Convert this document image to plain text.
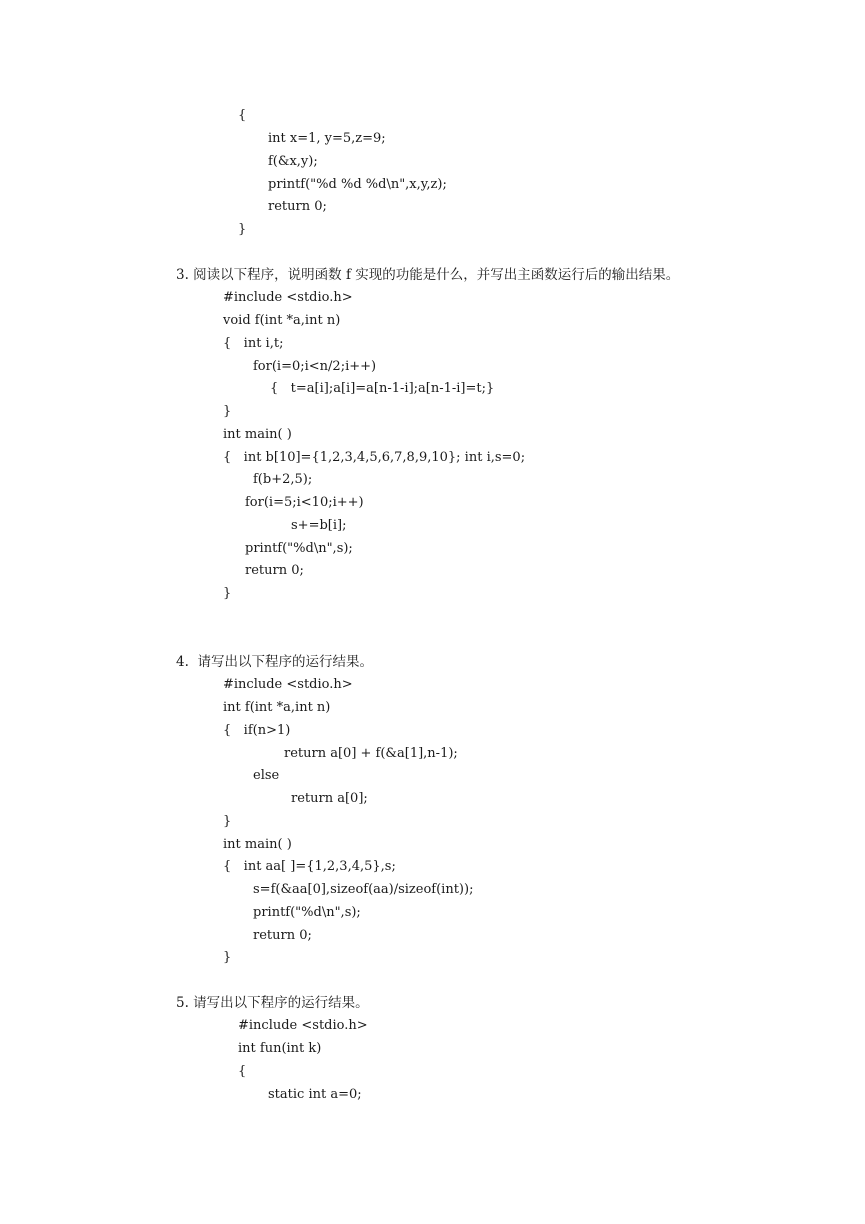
{
int x=1, y=5,z=9;
f(&x,y);
printf("%d %d %d\n",x,y,z);
return 0;
}
3. 阅读以下程序，说明函数 f 实现的功能是什么，并写出主函数运行后的输出结果。
#include <stdio.h>
void f(int *a,int n)
{   int i,t;
for(i=0;i<n/2;i++)
{   t=a[i];a[i]=a[n-1-i];a[n-1-i]=t;}
}
int main( )
{   int b[10]={1,2,3,4,5,6,7,8,9,10}; int i,s=0;
f(b+2,5);
for(i=5;i<10;i++)
s+=b[i];
printf("%d\n",s);
return 0;
}
4.  请写出以下程序的运行结果。
#include <stdio.h>
int f(int *a,int n)
{   if(n>1)
return a[0] + f(&a[1],n-1);
else
return a[0];
}
int main( )
{   int aa[ ]={1,2,3,4,5},s;
s=f(&aa[0],sizeof(aa)/sizeof(int));
printf("%d\n",s);
return 0;
}
5. 请写出以下程序的运行结果。
#include <stdio.h>
int fun(int k)
{
static int a=0;
